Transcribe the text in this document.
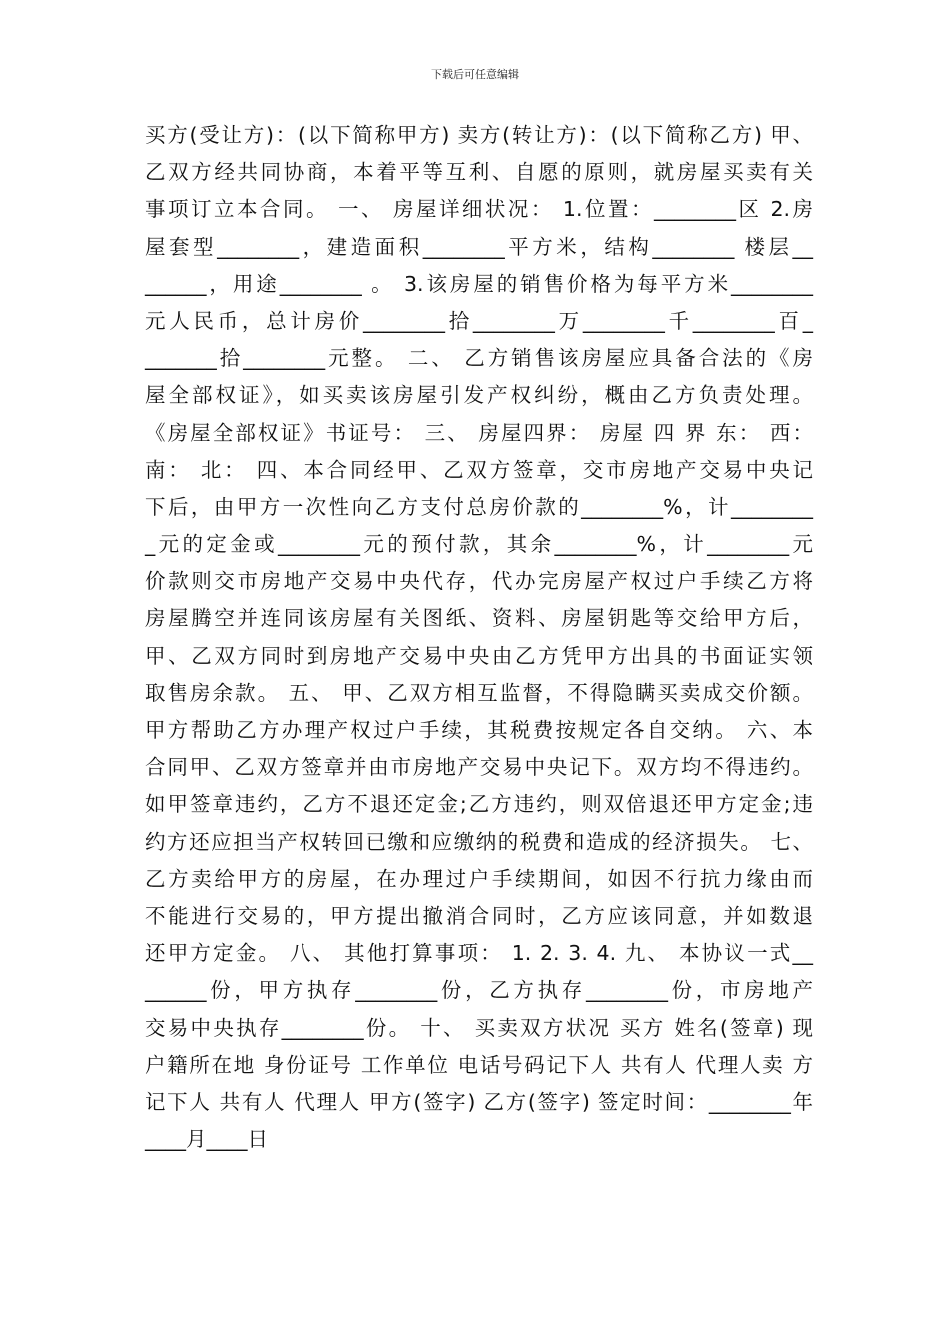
下载后可任意编辑
买方(受让方)：(以下简称甲方) 卖方(转让方)：(以下简称乙方) 甲、
乙双方经共同协商，本着平等互利、自愿的原则，就房屋买卖有关
事项订立本合同。 一、 房屋详细状况： 1.位置：________区 2.房
屋套型________，建造面积________平方米，结构________ 楼层__
______，用途________ 。 3.该房屋的销售价格为每平方米________
元人民币，总计房价________拾________万________千________百_
_______拾________元整。 二、 乙方销售该房屋应具备合法的《房
屋全部权证》，如买卖该房屋引发产权纠纷，概由乙方负责处理。
《房屋全部权证》书证号： 三、 房屋四界： 房屋 四 界 东： 西：
南： 北： 四、本合同经甲、乙双方签章，交市房地产交易中央记
下后，由甲方一次性向乙方支付总房价款的________%，计________
_元的定金或________元的预付款，其余________%，计________元
价款则交市房地产交易中央代存，代办完房屋产权过户手续乙方将
房屋腾空并连同该房屋有关图纸、资料、房屋钥匙等交给甲方后，
甲、乙双方同时到房地产交易中央由乙方凭甲方出具的书面证实领
取售房余款。 五、 甲、乙双方相互监督，不得隐瞒买卖成交价额。
甲方帮助乙方办理产权过户手续，其税费按规定各自交纳。 六、本
合同甲、乙双方签章并由市房地产交易中央记下。双方均不得违约。
如甲签章违约，乙方不退还定金;乙方违约，则双倍退还甲方定金;违
约方还应担当产权转回已缴和应缴纳的税费和造成的经济损失。 七、
乙方卖给甲方的房屋，在办理过户手续期间，如因不行抗力缘由而
不能进行交易的，甲方提出撤消合同时，乙方应该同意，并如数退
还甲方定金。 八、 其他打算事项： 1. 2. 3. 4. 九、 本协议一式__
______份，甲方执存________份，乙方执存________份，市房地产
交易中央执存________份。 十、 买卖双方状况 买方 姓名(签章) 现
户籍所在地 身份证号 工作单位 电话号码记下人 共有人 代理人卖 方
记下人 共有人 代理人 甲方(签字) 乙方(签字) 签定时间：________年
____月____日
